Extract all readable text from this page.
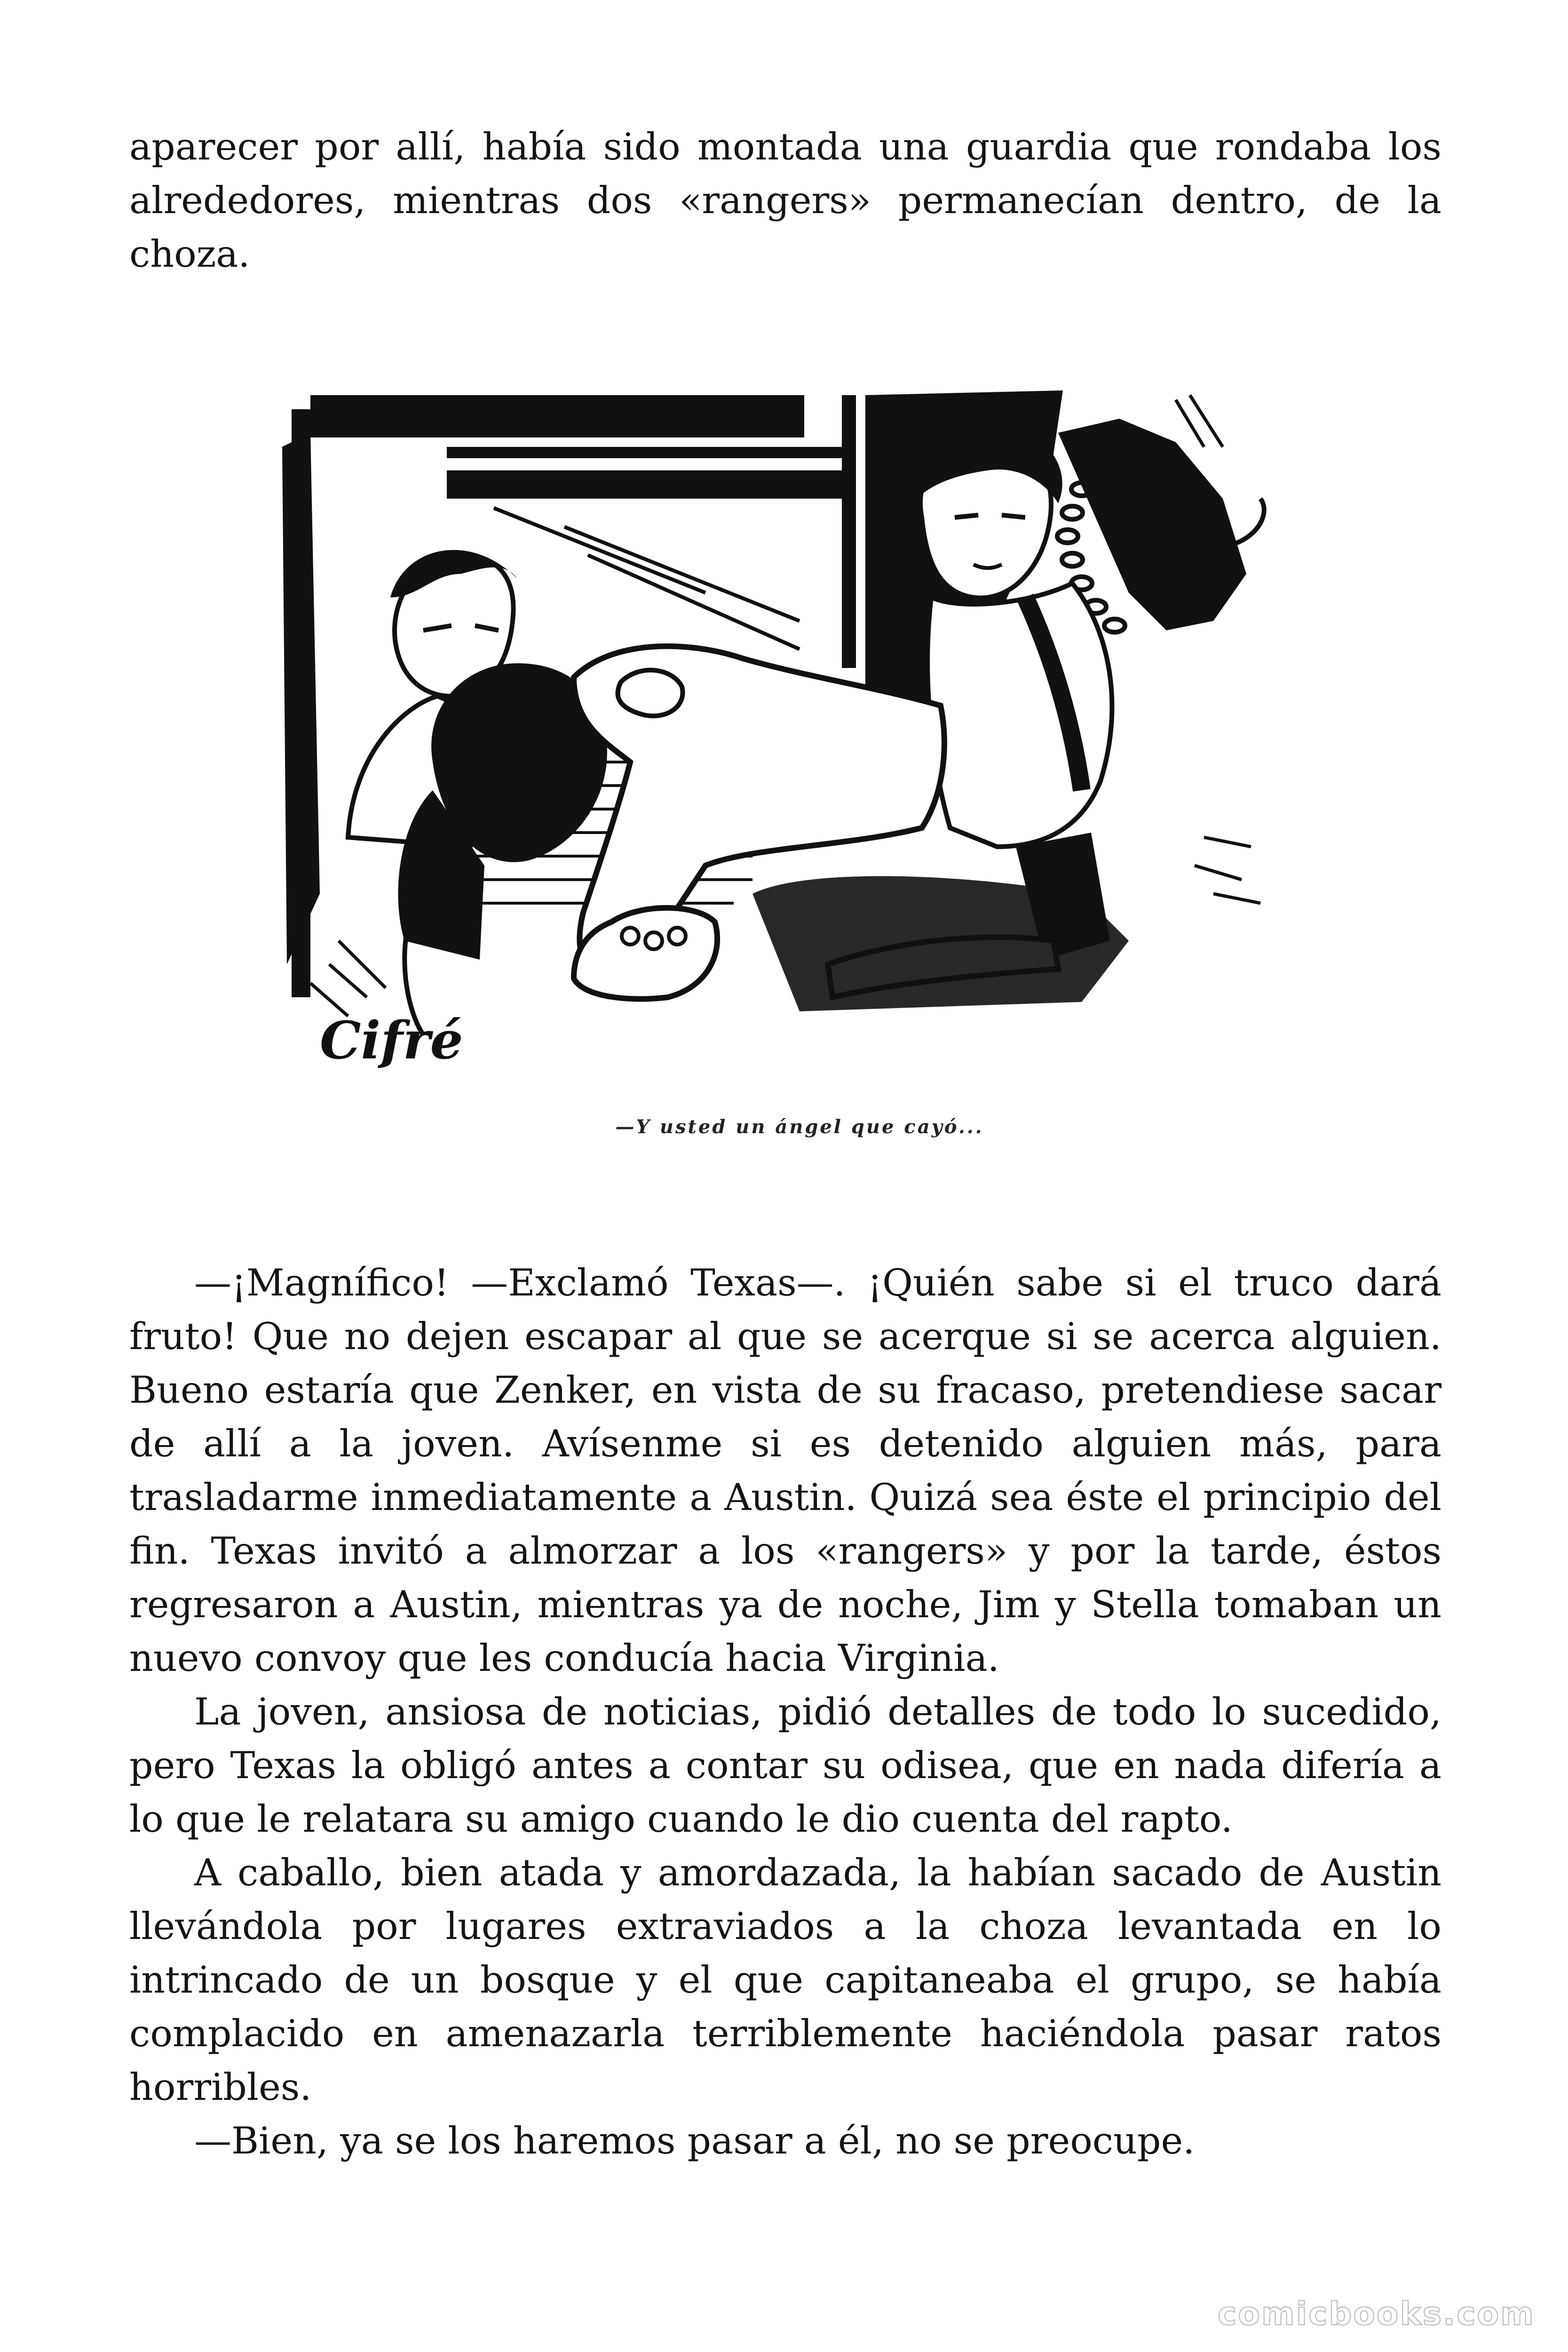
aparecer por allí, había sido montada una guardia que rondaba los alrededores, mientras dos «rangers» permanecían dentro, de la choza.

Cifré
—Y usted un ángel que cayó...

—¡Magnífico! —Exclamó Texas—. ¡Quién sabe si el truco dará fruto! Que no dejen escapar al que se acerque si se acerca alguien. Bueno estaría que Zenker, en vista de su fracaso, pretendiese sacar de allí a la joven. Avísenme si es detenido alguien más, para trasladarme inmediatamente a Austin. Quizá sea éste el principio del fin. Texas invitó a almorzar a los «rangers» y por la tarde, éstos regresaron a Austin, mientras ya de noche, Jim y Stella tomaban un nuevo convoy que les conducía hacia Virginia.

La joven, ansiosa de noticias, pidió detalles de todo lo sucedido, pero Texas la obligó antes a contar su odisea, que en nada difería a lo que le relatara su amigo cuando le dio cuenta del rapto.

A caballo, bien atada y amordazada, la habían sacado de Austin llevándola por lugares extraviados a la choza levantada en lo intrincado de un bosque y el que capitaneaba el grupo, se había complacido en amenazarla terriblemente haciéndola pasar ratos horribles.

—Bien, ya se los haremos pasar a él, no se preocupe.

comicbooks.com
